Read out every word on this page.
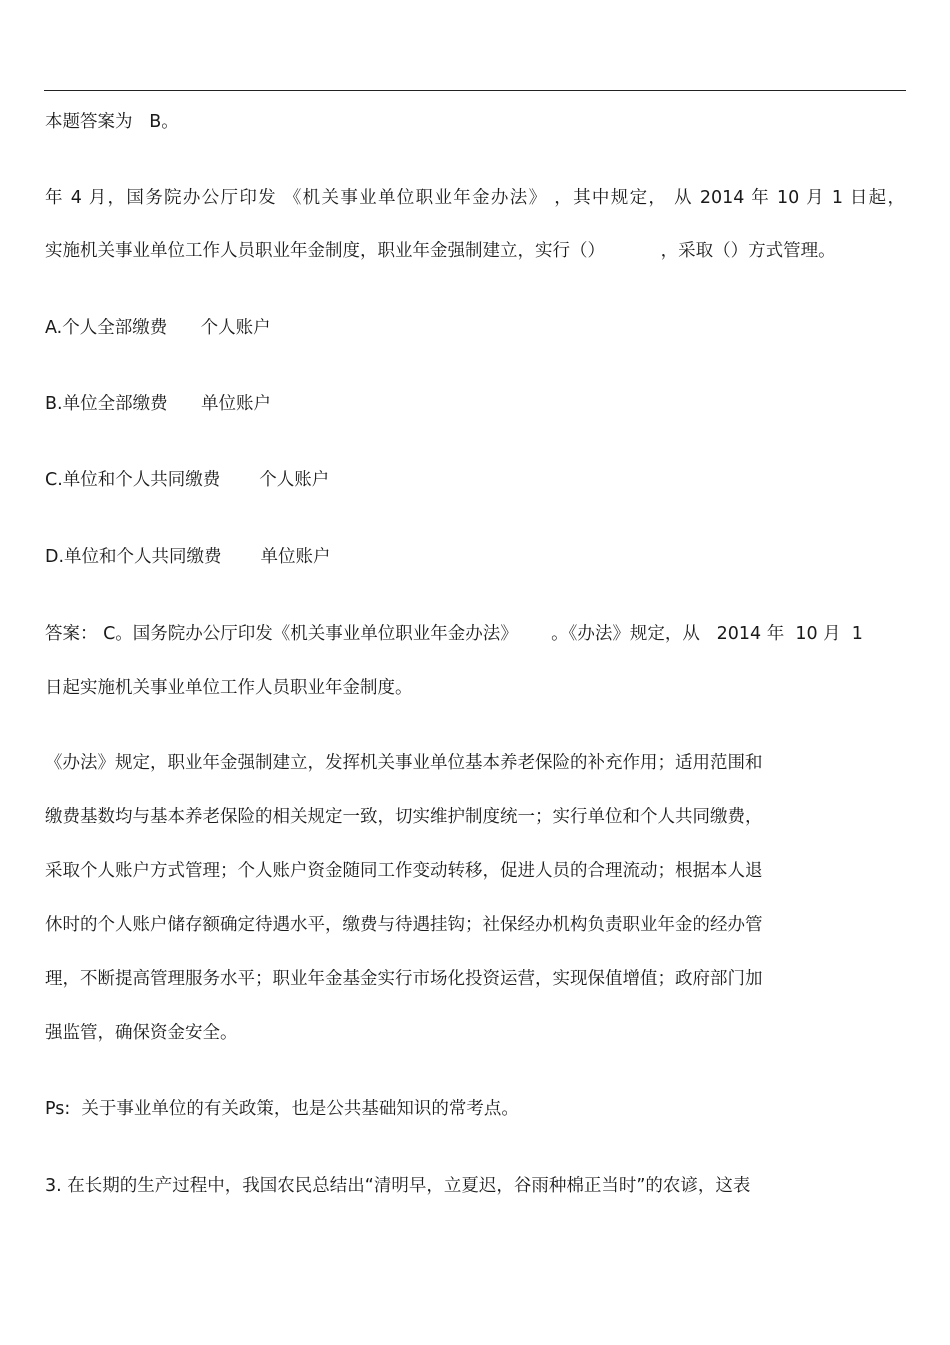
本题答案为   B。
年 4 月，国务院办公厅印发 《机关事业单位职业年金办法》 ，其中规定， 从 2014 年 10 月 1 日起，
实施机关事业单位工作人员职业年金制度，职业年金强制建立，实行（）          ，采取（）方式管理。
A.个人全部缴费      个人账户
B.单位全部缴费      单位账户
C.单位和个人共同缴费       个人账户
D.单位和个人共同缴费       单位账户
答案： C。国务院办公厅印发《机关事业单位职业年金办法》      。《办法》规定，从   2014 年  10 月  1
日起实施机关事业单位工作人员职业年金制度。
《办法》规定，职业年金强制建立，发挥机关事业单位基本养老保险的补充作用；适用范围和
缴费基数均与基本养老保险的相关规定一致，切实维护制度统一；实行单位和个人共同缴费，
采取个人账户方式管理；个人账户资金随同工作变动转移，促进人员的合理流动；根据本人退
休时的个人账户储存额确定待遇水平，缴费与待遇挂钩；社保经办机构负责职业年金的经办管
理，不断提高管理服务水平；职业年金基金实行市场化投资运营，实现保值增值；政府部门加
强监管，确保资金安全。
Ps:  关于事业单位的有关政策，也是公共基础知识的常考点。
3. 在长期的生产过程中，我国农民总结出“清明早，立夏迟，谷雨种棉正当时”的农谚，这表
